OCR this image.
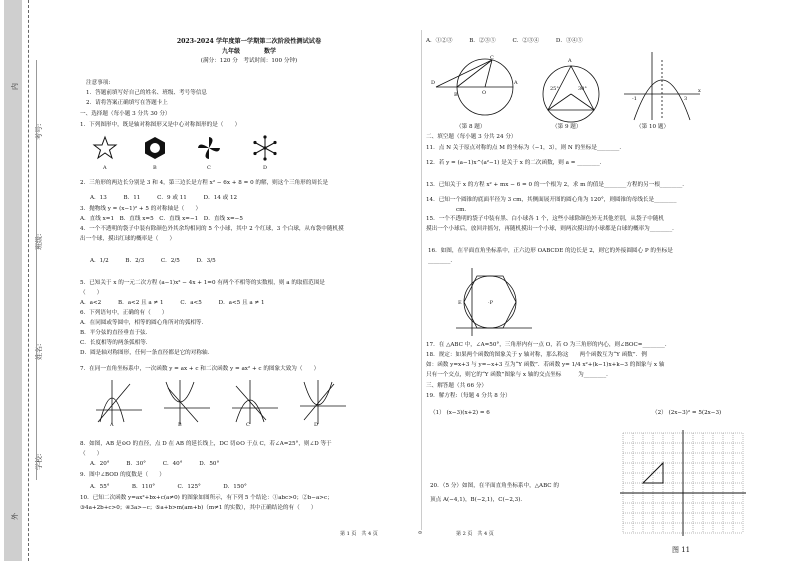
外
内
学校:
姓名:
班级:
考号:
2023-2024 学年度第一学期第二次阶段性测试试卷
九年级　　　　	数学
(满分：120 分　考试时间：100 分钟)
注意事项:
1．答题前填写好自己的姓名、班级、考号等信息
2．请将答案正确填写在答题卡上
一、选择题（每小题 3 分共 30 分）
1．下列图形中，既是轴对称图形又是中心对称图形的是（　　）
A	B	C	D
2．三角形的两边长分别是 3 和 4，第三边长是方程 x² − 6x + 8 = 0 的解，则这个三角形的周长是
A．13　　　B．11　　　C．9 或 11　　　D．14 或 12
3．抛物线 y = (x−1)² + 5 的对称轴是（　　）
A．直线 x=1　B．直线 x=5　C．直线 x=−1　D．直线 x=−5
4．一个不透明的袋子中装有除颜色外其余均相同的 5 个小球，其中 2 个红球，3 个白球，从布袋中随机摸
出一个球，摸出红球的概率是（　　）
A．1/2　　　B．2/3　　　C．2/5　　　D．3/5
5．已知关于 x 的一元二次方程 (a−1)x² − 4x + 1=0 有两个不相等的实数根，则 a 的取值范围是
（　　）
A．a<2　　　B．a<2 且 a ≠ 1　　　C．a<5　　　D．a<5 且 a ≠ 1
6．下列语句中，正确的有（　　）
A．在同圆或等圆中，相等的圆心角所对的弧相等．
B．平分弦的直径垂直于弦．
C．长度相等的两条弧相等．
D．圆是轴对称图形，任何一条直径都是它的对称轴．
7．在同一直角坐标系中，一次函数 y = ax + c 和二次函数 y = ax² + c 的图象大致为（　　）
A	B	C	D
8．如图，AB 是⊙O 的直径，点 D 在 AB 的延长线上，DC 切⊙O 于点 C，若∠A=25°，则∠D 等于
（　　）
A．20°　　　B．30°　　　C．40°　　　D．50°
9．图中∠BOD 的度数是（　　）
A．55°　　　　B．110°　　　　C．125°　　　　D．150°
10．已知二次函数 y=ax²+bx+c(a≠0) 的图象如图所示，有下列 5 个结论：①abc>0；②b−a>c；
③4a+2b+c>0；④3a>−c；⑤a+b>m(am+b)（m≠1 的实数），其中正确结论的有（　　）
A．①②③　　　B．②③⑤　　　C．②③④　　　D．③④⑤
D	A
B	O
C
（第 8 题）
A
25°	30°
（第 9 题）
-1	3
x
（第 10 题）
二、填空题（每小题 3 分共 24 分）
11．点 N 关于原点对称的点 M 的坐标为（−1，3），则 N 的坐标是________．
12．若 y = (a−1)x^(a²−1) 是关于 x 的二次函数，则 a = ________．
13．已知关于 x 的方程 x² + mx − 6 = 0 的一个根为 2，求 m 的值是________方程的另一根________．
14．已知一个圆锥的底面半径为 3 cm，其侧面展开图的圆心角为 120°，则圆锥的母线长是________
cm．
15．一个不透明的袋子中装有黑、白小球各 1 个，这些小球除颜色外无其他差别，从袋子中随机
摸出一个小球后，放回并摇匀，再随机摸出一个小球，则两次摸出的小球都是白球的概率为________．
16．如图，在平面直角坐标系中，正六边形 OABCDE 的边长是 2，则它的外接圆圆心 P 的坐标是
________．
E	·P
17．在 △ABC 中，∠A=50°，三角形内有一点 O，若 O 为三角形的内心，则∠BOC=________．
18．规定：如果两个函数的图象关于 y 轴对称，那么称这　　两个函数互为“Y 函数”．例
如：函数 y=x+3 与 y=−x+3 互为“Y 函数”．若函数 y= 1/4 x²+(k−1)x+k−3 的图象与 x 轴
只有一个交点，则它的“Y 函数”图象与 x 轴的交点坐标　　　为________．
三、解答题（共 66 分）
19．解方程:（每题 4 分共 8 分）
（1） (x−3)(x+2) = 6	（2） (2x−3)² = 5(2x−3)
20．（5 分）如图，在平面直角坐标系中，△ABC 的
顶点 A(−4,1)，B(−2,1)，C(−2,3)．
图 11
第 1 页　共 4 页	⊙	第 2 页　共 4 页
